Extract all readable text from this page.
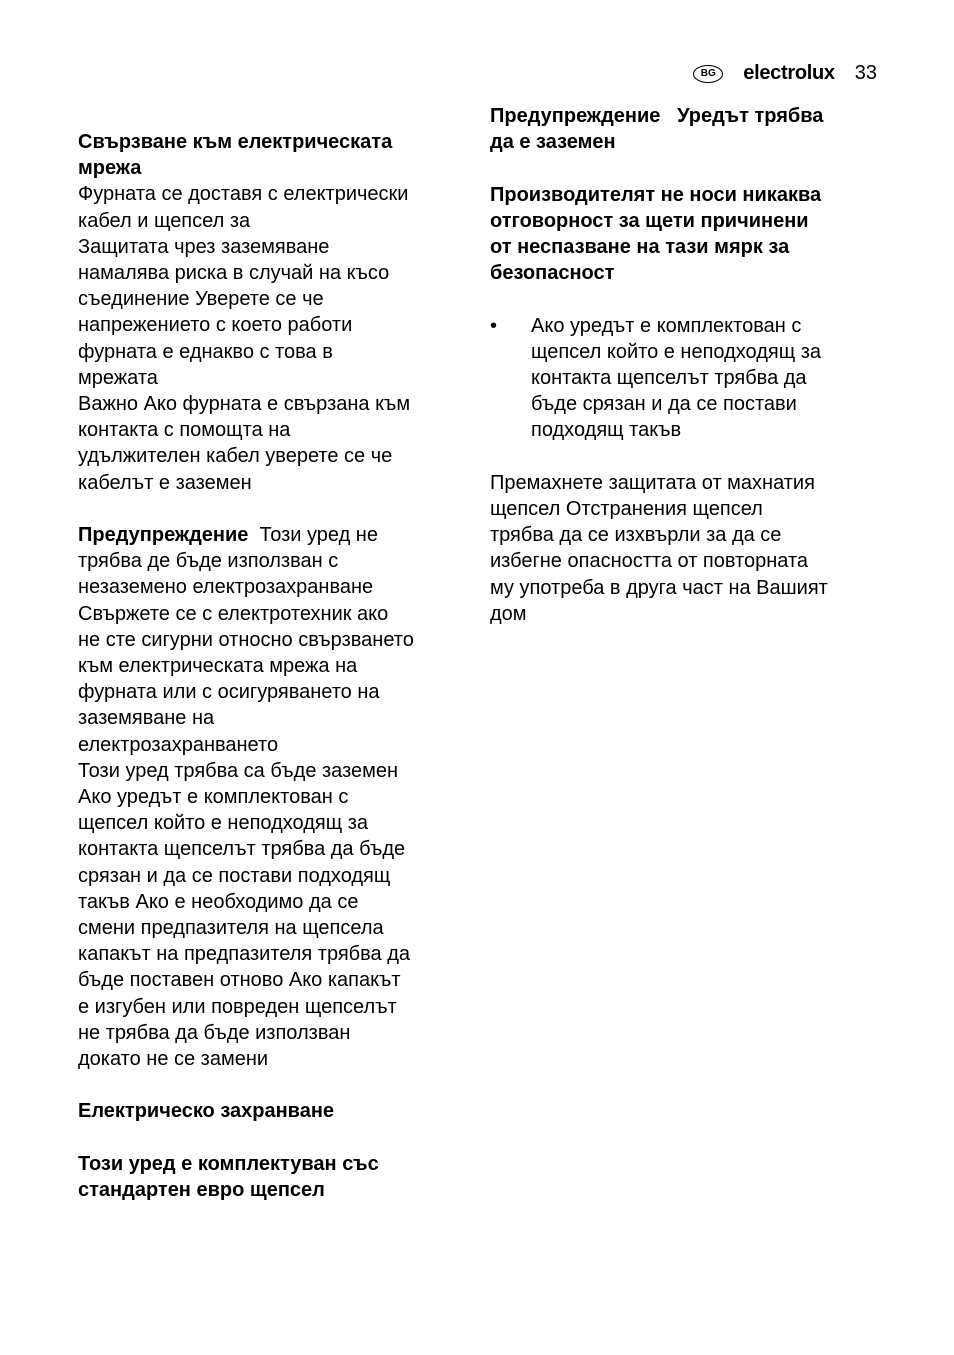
BG	electrolux 33
Свързване към електрическата
мрежа
Фурната се доставя с електрически
кабел и щепсел за
Защитата чрез заземяване
намалява риска в случай на късо
съединение Уверете се че
напрежението с което работи
фурната е еднакво с това в
мрежата
Важно Ако фурната е свързана към
контакта с помощта на
удължителен кабел уверете се че
кабелът е заземен
Предупреждение  Този уред не
трябва де бъде използван с
незаземено електрозахранване
Свържете се с електротехник ако
не сте сигурни относно свързването
към електрическата мрежа на
фурната или с осигуряването на
заземяване на
електрозахранването
Този уред трябва са бъде заземен
Ако уредът е комплектован с
щепсел който е неподходящ за
контакта щепселът трябва да бъде
срязан и да се постави подходящ
такъв Ако е необходимо да се
смени предпазителя на щепсела
капакът на предпазителя трябва да
бъде поставен отново Ако капакът
е изгубен или повреден щепселът
не трябва да бъде използван
докато не се замени
Електрическо захранване
Този уред е комплектуван със
стандартен евро щепсел
Предупреждение   Уредът трябва
да е заземен
Производителят не носи никаква
отговорност за щети причинени
от неспазване на тази мярк за
безопасност
•	Ако уредът е комплектован с
щепсел който е неподходящ за
контакта щепселът трябва да
бъде срязан и да се постави
подходящ такъв
Премахнете защитата от махнатия
щепсел Отстранения щепсел
трябва да се изхвърли за да се
избегне опасността от повторната
му употреба в друга част на Вашият
дом
